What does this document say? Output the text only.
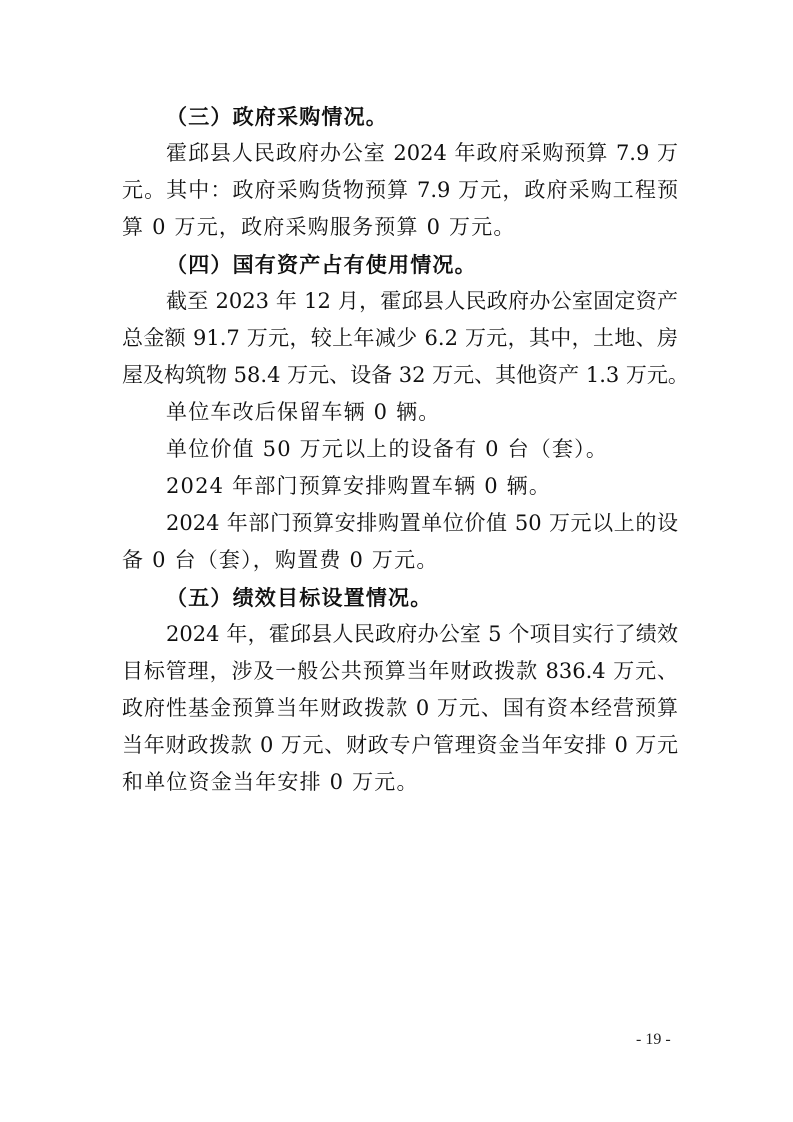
（三）政府采购情况。
霍邱县人民政府办公室 2024 年政府采购预算 7.9 万
元。其中：政府采购货物预算 7.9 万元，政府采购工程预
算 0 万元，政府采购服务预算 0 万元。
（四）国有资产占有使用情况。
截至 2023 年 12 月，霍邱县人民政府办公室固定资产
总金额 91.7 万元，较上年减少 6.2 万元，其中，土地、房
屋及构筑物 58.4 万元、设备 32 万元、其他资产 1.3 万元。
单位车改后保留车辆 0 辆。
单位价值 50 万元以上的设备有 0 台（套）。
2024 年部门预算安排购置车辆 0 辆。
2024 年部门预算安排购置单位价值 50 万元以上的设
备 0 台（套），购置费 0 万元。
（五）绩效目标设置情况。
2024 年，霍邱县人民政府办公室 5 个项目实行了绩效
目标管理，涉及一般公共预算当年财政拨款 836.4 万元、
政府性基金预算当年财政拨款 0 万元、国有资本经营预算
当年财政拨款 0 万元、财政专户管理资金当年安排 0 万元
和单位资金当年安排 0 万元。
- 19 -
